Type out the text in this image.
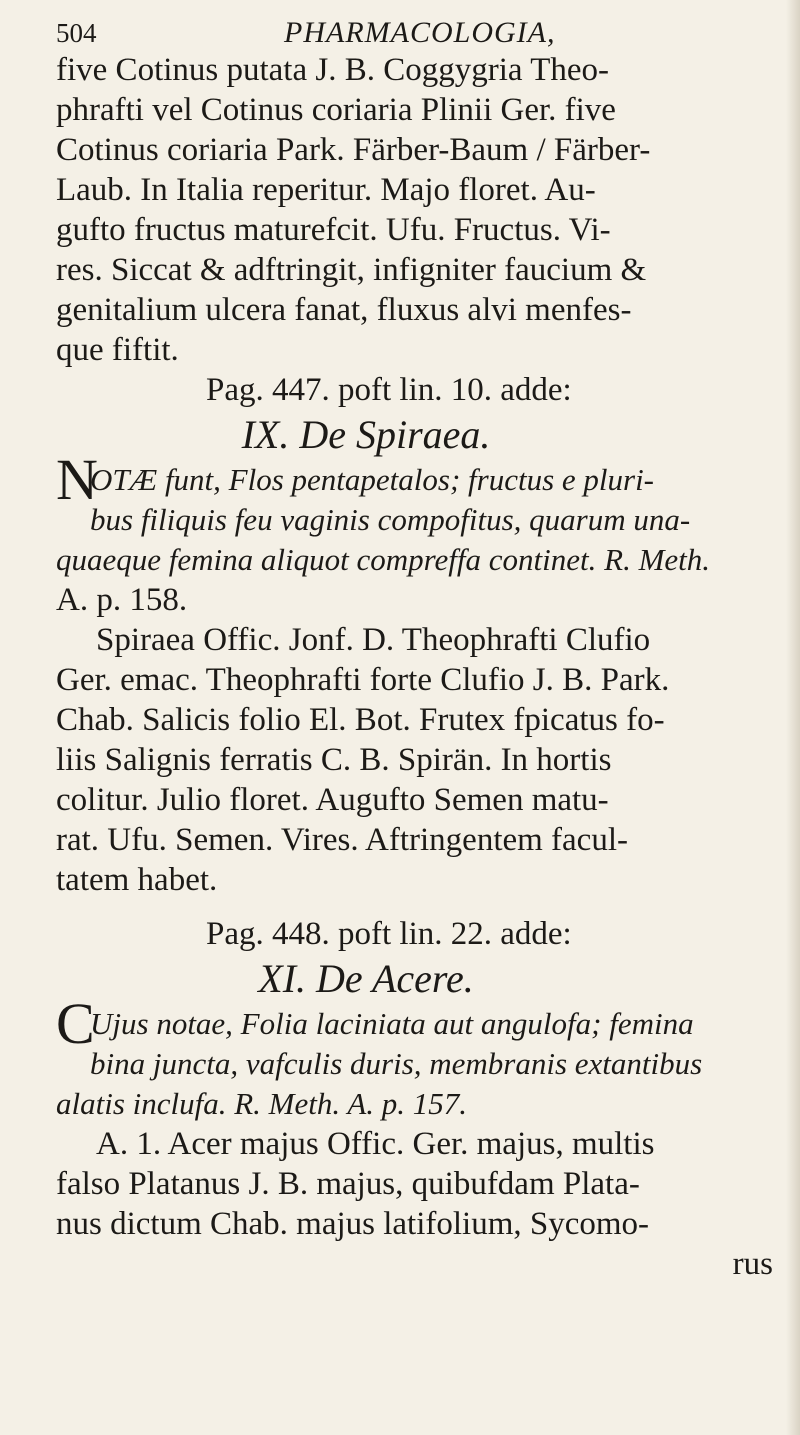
504	PHARMACOLOGIA,
five Cotinus putata J. B. Coggygria Theo-
phrafti vel Cotinus coriaria Plinii Ger. five
Cotinus coriaria Park. Färber-Baum / Färber-
Laub. In Italia reperitur. Majo floret. Au-
gufto fructus maturefcit. Ufu. Fructus. Vi-
res. Siccat & adftringit, infigniter faucium &
genitalium ulcera fanat, fluxus alvi menfes-
que fiftit.
Pag. 447. poft lin. 10. adde:
IX. De Spiraea.
NOTÆ funt, Flos pentapetalos; fructus e pluri-
bus filiquis feu vaginis compofitus, quarum una-
quaeque femina aliquot compreffa continet. R. Meth.
A. p. 158.
Spiraea Offic. Jonf. D. Theophrafti Clufio
Ger. emac. Theophrafti forte Clufio J. B. Park.
Chab. Salicis folio El. Bot. Frutex fpicatus fo-
liis Salignis ferratis C. B. Spirän. In hortis
colitur. Julio floret. Augufto Semen matu-
rat. Ufu. Semen. Vires. Aftringentem facul-
tatem habet.
Pag. 448. poft lin. 22. adde:
XI. De Acere.
CUjus notae, Folia laciniata aut angulofa; femina
bina juncta, vafculis duris, membranis extantibus
alatis inclufa. R. Meth. A. p. 157.
A. 1. Acer majus Offic. Ger. majus, multis
falso Platanus J. B. majus, quibufdam Plata-
nus dictum Chab. majus latifolium, Sycomo-
rus
